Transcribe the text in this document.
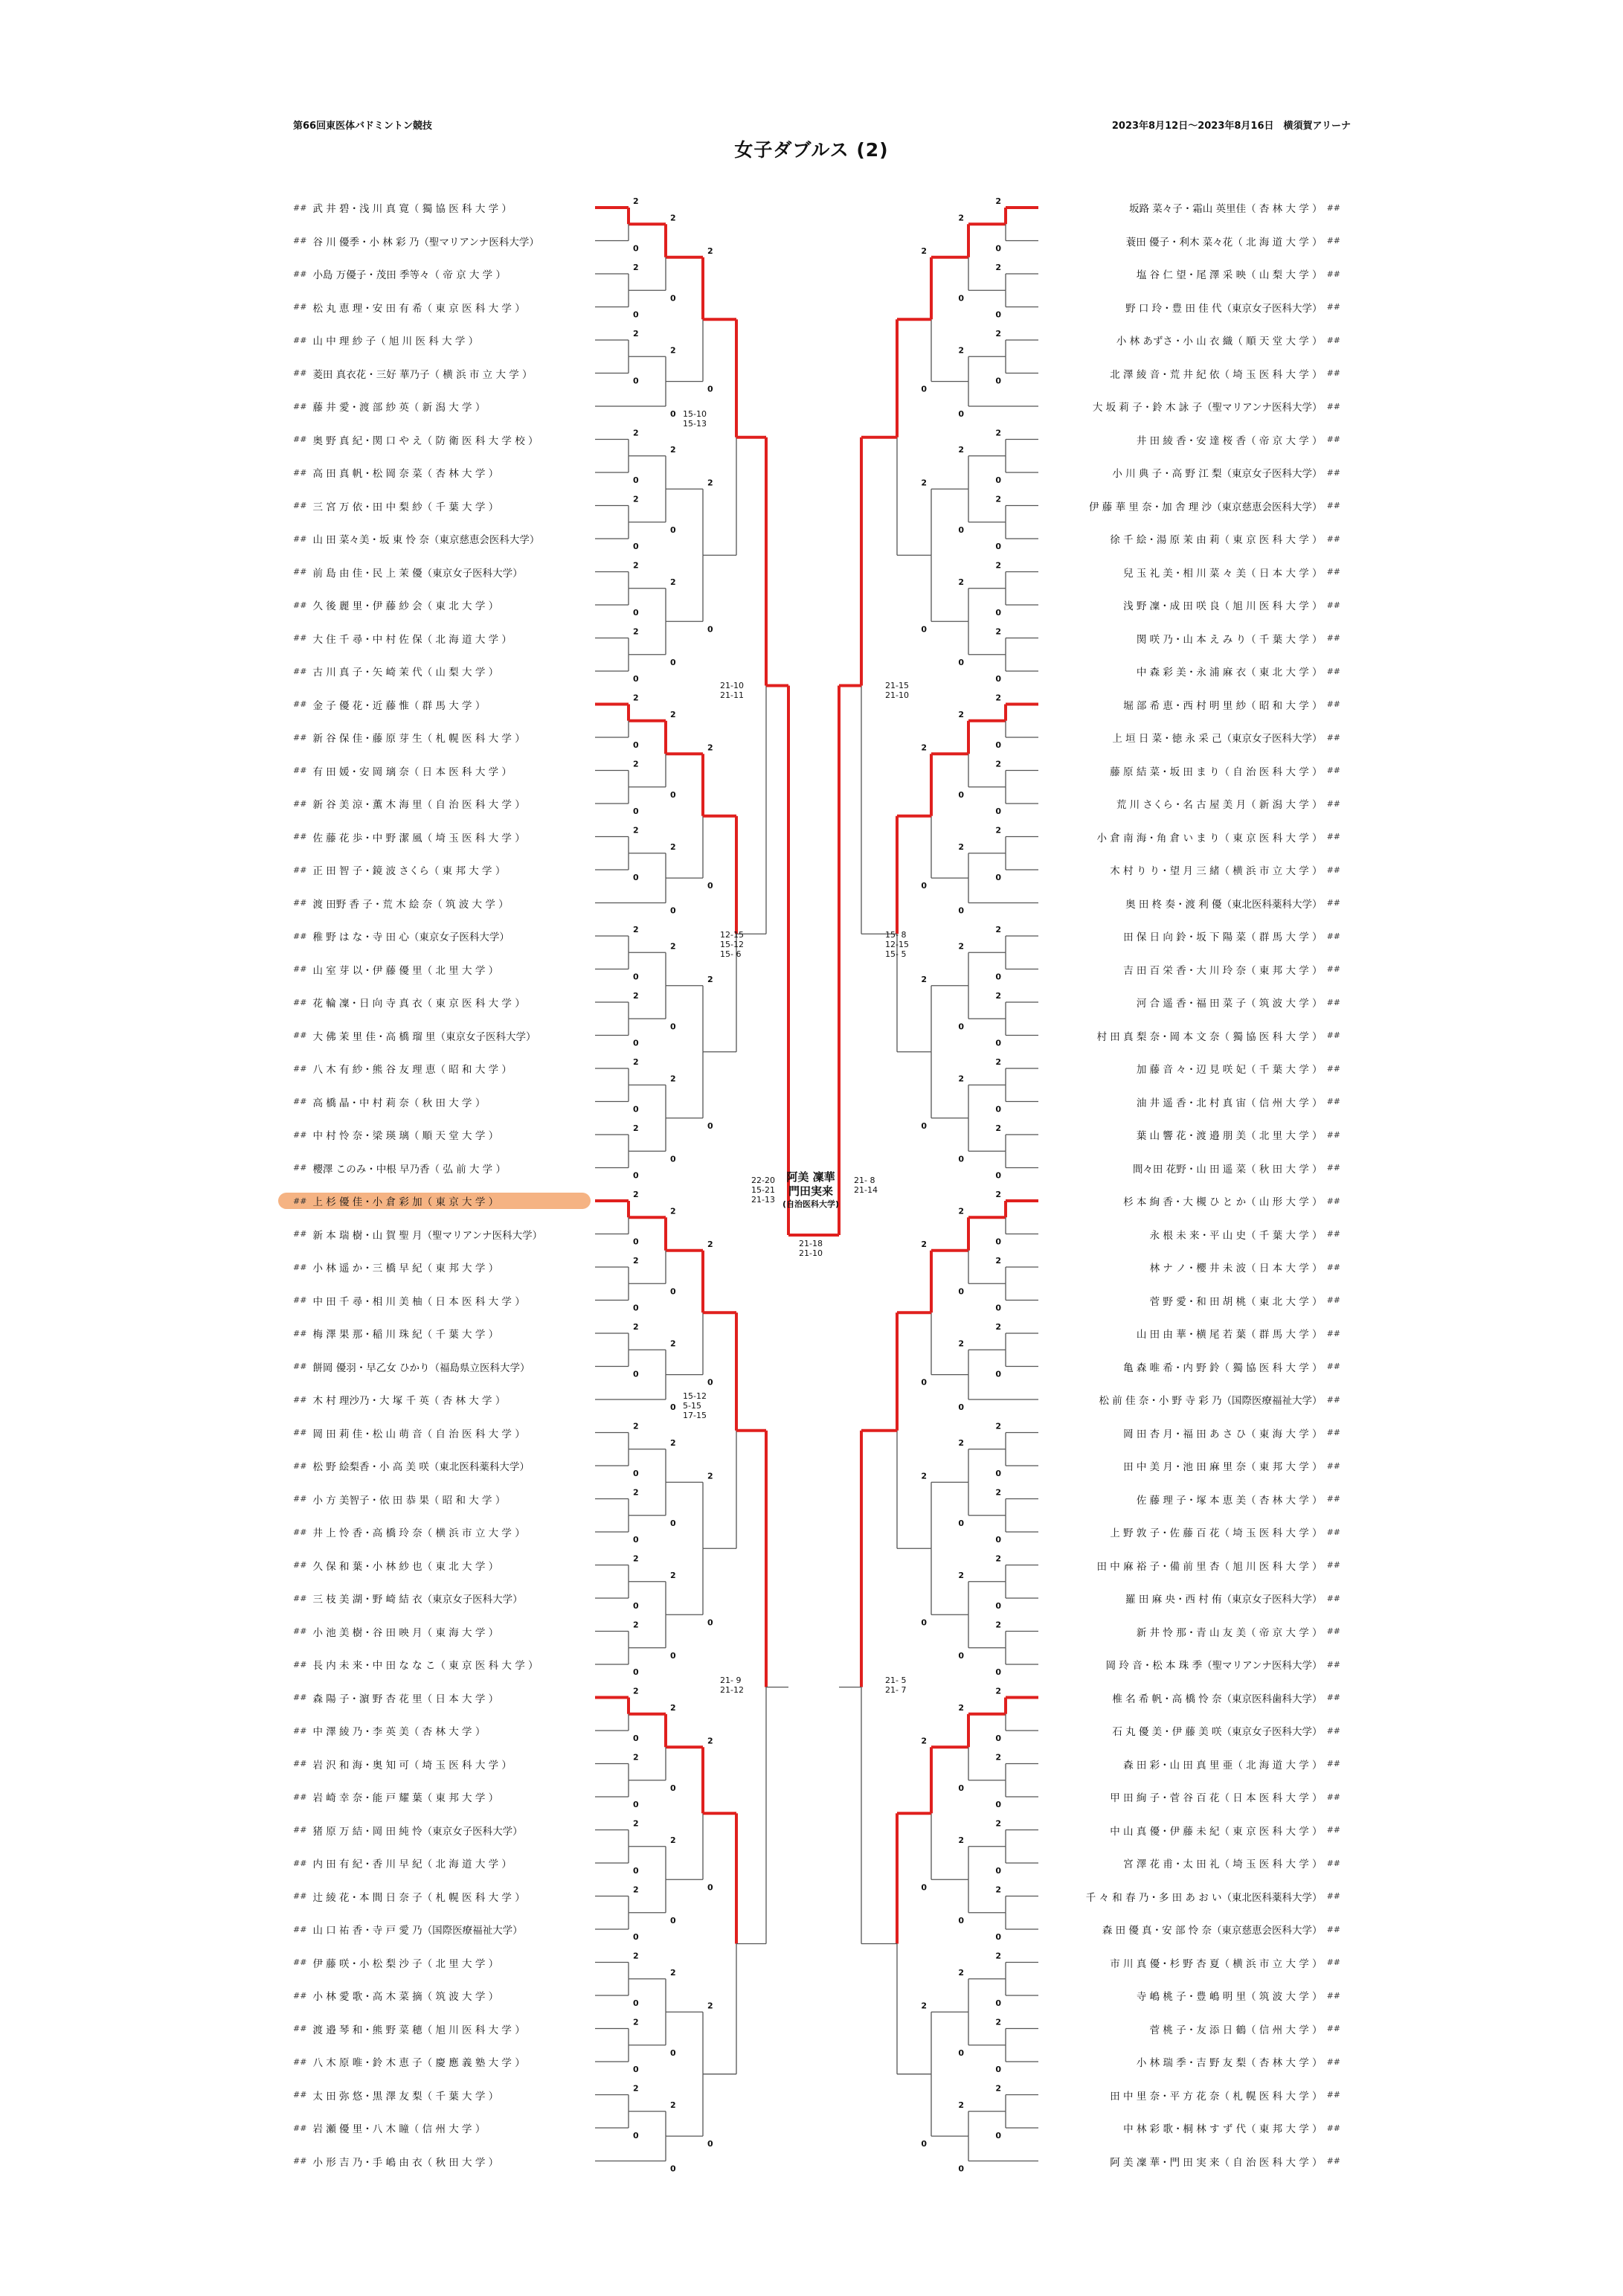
第66回東医体バドミントン競技	2023年8月12日～2023年8月16日　横須賀アリーナ
女子ダブルス (2)
## 武 井 碧・浅 川 真 寛（ 獨 協 医 科 大 学 ）
## 谷 川 優季・小 林 彩 乃（聖マリアンナ医科大学）
## 小島 万優子・茂田 季等々（ 帝 京 大 学 ）
## 松 丸 恵 理・安 田 有 希（ 東 京 医 科 大 学 ）
## 山 中 理 紗 子（ 旭 川 医 科 大 学 ）
## 菱田 真衣花・三好 華乃子（ 横 浜 市 立 大 学 ）
## 藤 井 愛・渡 部 紗 英（ 新 潟 大 学 ）
## 奥 野 真 紀・関 口 や え（ 防 衛 医 科 大 学 校 ）
## 高 田 真 帆・松 岡 奈 菜（ 杏 林 大 学 ）
## 三 宮 万 依・田 中 梨 紗（ 千 葉 大 学 ）
## 山 田 菜々美・坂 東 怜 奈（東京慈恵会医科大学）
## 前 島 由 佳・民 上 茉 優（東京女子医科大学）
## 久 後 麗 里・伊 藤 紗 会（ 東 北 大 学 ）
## 大 住 千 尋・中 村 佐 保（ 北 海 道 大 学 ）
## 古 川 真 子・矢 崎 茉 代（ 山 梨 大 学 ）
## 金 子 優 花・近 藤 惟（ 群 馬 大 学 ）
## 新 谷 保 佳・藤 原 芽 生（ 札 幌 医 科 大 学 ）
## 有 田 媛・安 岡 璃 奈（ 日 本 医 科 大 学 ）
## 新 谷 美 涼・薫 木 海 里（ 自 治 医 科 大 学 ）
## 佐 藤 花 歩・中 野 潔 風（ 埼 玉 医 科 大 学 ）
## 正 田 智 子・鏡 波 さくら（ 東 邦 大 学 ）
## 渡 田野 香 子・荒 木 絵 奈（ 筑 波 大 学 ）
## 稚 野 は な・寺 田 心（東京女子医科大学）
## 山 室 芽 以・伊 藤 優 里（ 北 里 大 学 ）
## 花 輪 凜・日 向 寺 真 衣（ 東 京 医 科 大 学 ）
## 大 佛 茉 里 佳・高 橋 瑠 里（東京女子医科大学）
## 八 木 有 紗・熊 谷 友 理 恵（ 昭 和 大 学 ）
## 高 橋 晶・中 村 莉 奈（ 秋 田 大 学 ）
## 中 村 怜 奈・梁 瑛 璃（ 順 天 堂 大 学 ）
## 櫻澤 このみ・中根 早乃香（ 弘 前 大 学 ）
## 上 杉 優 佳・小 倉 彩 加（ 東 京 大 学 ）
## 新 本 瑞 樹・山 賀 聖 月（聖マリアンナ医科大学）
## 小 林 遥 か・三 橋 早 紀（ 東 邦 大 学 ）
## 中 田 千 尋・相 川 美 柚（ 日 本 医 科 大 学 ）
## 梅 澤 果 那・稲 川 珠 紀（ 千 葉 大 学 ）
## 餅岡 優羽・早乙女 ひかり（福島県立医科大学）
## 木 村 理沙乃・大 塚 千 英（ 杏 林 大 学 ）
## 岡 田 莉 佳・松 山 萌 音（ 自 治 医 科 大 学 ）
## 松 野 絵梨香・小 高 美 咲（東北医科薬科大学）
## 小 方 美智子・依 田 恭 果（ 昭 和 大 学 ）
## 井 上 怜 香・高 橋 玲 奈（ 横 浜 市 立 大 学 ）
## 久 保 和 葉・小 林 紗 也（ 東 北 大 学 ）
## 三 枝 美 湖・野 崎 結 衣（東京女子医科大学）
## 小 池 美 樹・谷 田 映 月（ 東 海 大 学 ）
## 長 内 未 来・中 田 な な こ（ 東 京 医 科 大 学 ）
## 森 陽 子・濵 野 杏 花 里（ 日 本 大 学 ）
## 中 澤 綾 乃・李 英 美（ 杏 林 大 学 ）
## 岩 沢 和 海・奥 知 可（ 埼 玉 医 科 大 学 ）
## 岩 崎 幸 奈・能 戸 耀 葉（ 東 邦 大 学 ）
## 猪 原 万 結・岡 田 純 怜（東京女子医科大学）
## 内 田 有 紀・香 川 早 紀（ 北 海 道 大 学 ）
## 辻 綾 花・本 間 日 奈 子（ 札 幌 医 科 大 学 ）
## 山 口 祐 香・寺 戸 愛 乃（国際医療福祉大学）
## 伊 藤 咲・小 松 梨 沙 子（ 北 里 大 学 ）
## 小 林 愛 歌・高 木 菜 摘（ 筑 波 大 学 ）
## 渡 邉 琴 和・熊 野 菜 穂（ 旭 川 医 科 大 学 ）
## 八 木 原 唯・鈴 木 恵 子（ 慶 應 義 塾 大 学 ）
## 太 田 弥 悠・黒 澤 友 梨（ 千 葉 大 学 ）
## 岩 瀬 優 里・八 木 瞳（ 信 州 大 学 ）
## 小 形 吉 乃・手 嶋 由 衣（ 秋 田 大 学 ）
坂路 菜々子・霜山 英里佳（ 杏 林 大 学 ） ##
蓑田 優子・利木 菜々花（ 北 海 道 大 学 ） ##
塩 谷 仁 望・尾 澤 采 映（ 山 梨 大 学 ） ##
野 口 玲・豊 田 佳 代（東京女子医科大学） ##
小 林 あずさ・小 山 衣 織（ 順 天 堂 大 学 ） ##
北 澤 綾 音・荒 井 紀 依（ 埼 玉 医 科 大 学 ） ##
大 坂 莉 子・鈴 木 詠 子（聖マリアンナ医科大学） ##
井 田 綾 香・安 達 桜 香（ 帝 京 大 学 ） ##
小 川 典 子・高 野 江 梨（東京女子医科大学） ##
伊 藤 華 里 奈・加 舎 理 沙（東京慈恵会医科大学） ##
徐 千 絵・湯 原 茉 由 莉（ 東 京 医 科 大 学 ） ##
兒 玉 礼 美・相 川 菜 々 美（ 日 本 大 学 ） ##
浅 野 凜・成 田 咲 良（ 旭 川 医 科 大 学 ） ##
関 咲 乃・山 本 え み り（ 千 葉 大 学 ） ##
中 森 彩 美・永 浦 麻 衣（ 東 北 大 学 ） ##
堀 部 希 恵・西 村 明 里 紗（ 昭 和 大 学 ） ##
上 垣 日 菜・徳 永 采 己（東京女子医科大学） ##
藤 原 結 菜・坂 田 ま り（ 自 治 医 科 大 学 ） ##
荒 川 さくら・名 古 屋 美 月（ 新 潟 大 学 ） ##
小 倉 南 海・角 倉 い ま り（ 東 京 医 科 大 学 ） ##
木 村 り り・望 月 三 緒（ 横 浜 市 立 大 学 ） ##
奥 田 柊 奏・渡 利 優（東北医科薬科大学） ##
田 保 日 向 鈴・坂 下 陽 菜（ 群 馬 大 学 ） ##
吉 田 百 栄 香・大 川 玲 奈（ 東 邦 大 学 ） ##
河 合 遥 香・福 田 菜 子（ 筑 波 大 学 ） ##
村 田 真 梨 奈・岡 本 文 奈（ 獨 協 医 科 大 学 ） ##
加 藤 音 々・辺 見 咲 妃（ 千 葉 大 学 ） ##
油 井 遥 香・北 村 真 宙（ 信 州 大 学 ） ##
葉 山 響 花・渡 邉 朋 美（ 北 里 大 学 ） ##
間々田 花野・山 田 遥 菜（ 秋 田 大 学 ） ##
杉 本 絢 香・大 槻 ひ と か（ 山 形 大 学 ） ##
永 根 未 来・平 山 史（ 千 葉 大 学 ） ##
林 ナ ノ・櫻 井 未 波（ 日 本 大 学 ） ##
菅 野 愛・和 田 胡 桃（ 東 北 大 学 ） ##
山 田 由 華・横 尾 若 葉（ 群 馬 大 学 ） ##
亀 森 唯 希・内 野 鈴（ 獨 協 医 科 大 学 ） ##
松 前 佳 奈・小 野 寺 彩 乃（国際医療福祉大学） ##
岡 田 杏 月・福 田 あ さ ひ（ 東 海 大 学 ） ##
田 中 美 月・池 田 麻 里 奈（ 東 邦 大 学 ） ##
佐 藤 理 子・塚 本 恵 美（ 杏 林 大 学 ） ##
上 野 敦 子・佐 藤 百 花（ 埼 玉 医 科 大 学 ） ##
田 中 麻 裕 子・備 前 里 杏（ 旭 川 医 科 大 学 ） ##
羅 田 麻 央・西 村 侑（東京女子医科大学） ##
新 井 怜 那・青 山 友 美（ 帝 京 大 学 ） ##
岡 玲 音・松 本 珠 季（聖マリアンナ医科大学） ##
椎 名 希 帆・高 橋 怜 奈（東京医科歯科大学） ##
石 丸 優 美・伊 藤 美 咲（東京女子医科大学） ##
森 田 彩・山 田 真 里 亜（ 北 海 道 大 学 ） ##
甲 田 絢 子・菅 谷 百 花（ 日 本 医 科 大 学 ） ##
中 山 真 優・伊 藤 未 紀（ 東 京 医 科 大 学 ） ##
宮 澤 花 甫・太 田 礼（ 埼 玉 医 科 大 学 ） ##
千 々 和 春 乃・多 田 あ お い（東北医科薬科大学） ##
森 田 優 真・安 部 怜 奈（東京慈恵会医科大学） ##
市 川 真 優・杉 野 杏 夏（ 横 浜 市 立 大 学 ） ##
寺 嶋 桃 子・豊 嶋 明 里（ 筑 波 大 学 ） ##
菅 桃 子・友 添 日 鶴（ 信 州 大 学 ） ##
小 林 瑞 季・吉 野 友 梨（ 杏 林 大 学 ） ##
田 中 里 奈・平 方 花 奈（ 札 幌 医 科 大 学 ） ##
中 林 彩 歌・桐 林 す ず 代（ 東 邦 大 学 ） ##
阿 美 凜 華・門 田 実 来（ 自 治 医 科 大 学 ） ##
2
2
2
0
0
2
0
0
2
2
0
0
2
2
2
0
0
2
0
0
2
2
0
0
2
0
2
2
2
0
0
2
0
0
2
2
0
0
2
2
2
0
0
2
0
0
2
2
0
0
2
0
2
2
2
0
0
2
0
0
2
2
0
0
2
2
2
0
0
2
0
0
2
2
0
0
2
0
2
2
2
0
0
2
0
0
2
2
0
0
2
0
2
2
2
0
0
2
0
0
2
2
0
0
2
2
2
0
0
2
0
0
2
2
0
0
2
2
2
0
0
2
0
0
2
2
0
0
2
0
2
2
2
0
0
2
0
0
2
2
0
0
2
2
2
0
0
2
0
0
2
2
0
0
2
0
2
2
2
0
0
2
0
0
2
2
0
0
2
2
2
0
0
2
0
0
2
2
0
0
2
0
2
2
2
0
0
2
0
0
2
2
0
0
2
0
2
2
2
0
0
2
0
0
2
2
0
0
15-10
15-13
15-12
5-15
17-15
21-10
21-11
12-15
15-12
15- 6
21- 9
21-12
21-15
21-10
15- 8
12-15
15- 5
21- 5
21- 7
22-20
15-21
21-13
21- 8
21-14
21-18
21-10
阿美 凜華
門田実来
(自治医科大学)
